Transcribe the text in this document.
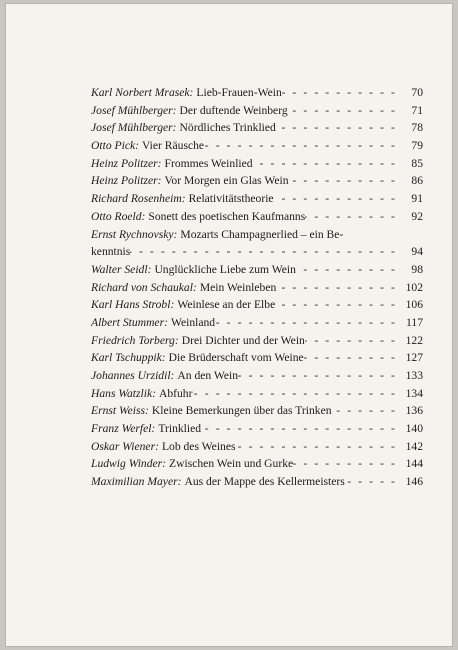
Karl Norbert Mrasek: Lieb-Frauen-Wein - - -	70
Josef Mühlberger: Der duftende Weinberg - - -	71
Josef Mühlberger: Nördliches Trinklied - - -	78
Otto Pick: Vier Räusche - - -	79
Heinz Politzer: Frommes Weinlied - - -	85
Heinz Politzer: Vor Morgen ein Glas Wein - - -	86
Richard Rosenheim: Relativitätstheorie - - -	91
Otto Roeld: Sonett des poetischen Kaufmanns - - -	92
Ernst Rychnovsky: Mozarts Champagnerlied – ein Be-
kenntnis - - -	94
Walter Seidl: Unglückliche Liebe zum Wein - - -	98
Richard von Schaukal: Mein Weinleben - - -	102
Karl Hans Strobl: Weinlese an der Elbe - - -	106
Albert Stummer: Weinland - - -	117
Friedrich Torberg: Drei Dichter und der Wein - - -	122
Karl Tschuppik: Die Brüderschaft vom Weine - - -	127
Johannes Urzidil: An den Wein - - -	133
Hans Watzlik: Abfuhr - - -	134
Ernst Weiss: Kleine Bemerkungen über das Trinken - - -	136
Franz Werfel: Trinklied - - -	140
Oskar Wiener: Lob des Weines - - -	142
Ludwig Winder: Zwischen Wein und Gurke - - -	144
Maximilian Mayer: Aus der Mappe des Kellermeisters - - -	146
